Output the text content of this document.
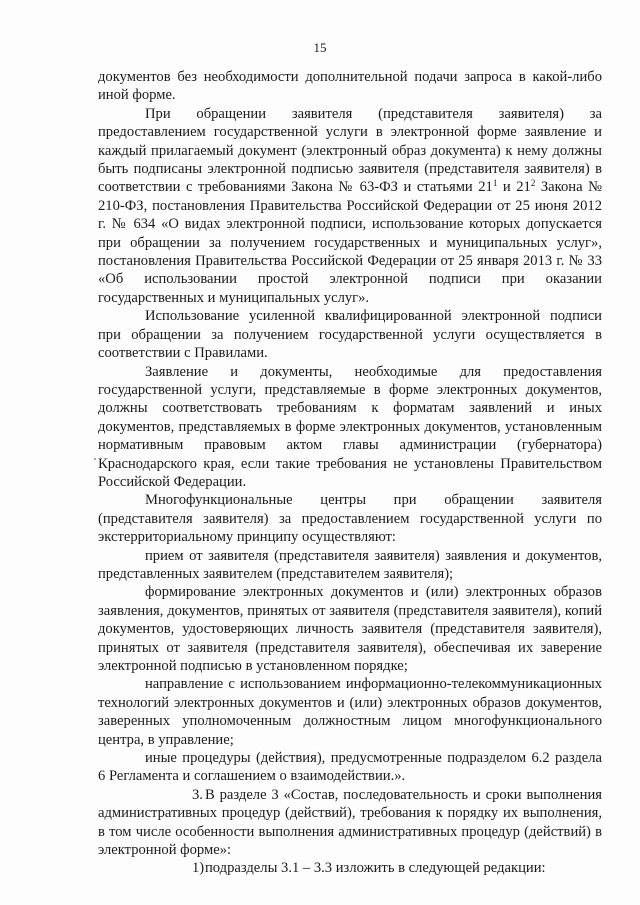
15

документов без необходимости дополнительной подачи запроса в какой-либо иной форме.

При обращении заявителя (представителя заявителя) за предоставлением государственной услуги в электронной форме заявление и каждый прилагаемый документ (электронный образ документа) к нему должны быть подписаны электронной подписью заявителя (представителя заявителя) в соответствии с требованиями Закона № 63-ФЗ и статьями $21^1$ и $21^2$ Закона № 210-ФЗ, постановления Правительства Российской Федерации от 25 июня 2012 г. № 634 «О видах электронной подписи, использование которых допускается при обращении за получением государственных и муниципальных услуг», постановления Правительства Российской Федерации от 25 января 2013 г. № 33 «Об использовании простой электронной подписи при оказании государственных и муниципальных услуг».

Использование усиленной квалифицированной электронной подписи при обращении за получением государственной услуги осуществляется в соответствии с Правилами.

Заявление и документы, необходимые для предоставления государственной услуги, представляемые в форме электронных документов, должны соответствовать требованиям к форматам заявлений и иных документов, представляемых в форме электронных документов, установленным нормативным правовым актом главы администрации (губернатора) Краснодарского края, если такие требования не установлены Правительством Российской Федерации.

Многофункциональные центры при обращении заявителя (представителя заявителя) за предоставлением государственной услуги по экстерриториальному принципу осуществляют:

прием от заявителя (представителя заявителя) заявления и документов, представленных заявителем (представителем заявителя);

формирование электронных документов и (или) электронных образов заявления, документов, принятых от заявителя (представителя заявителя), копий документов, удостоверяющих личность заявителя (представителя заявителя), принятых от заявителя (представителя заявителя), обеспечивая их заверение электронной подписью в установленном порядке;

направление с использованием информационно-телекоммуникационных технологий электронных документов и (или) электронных образов документов, заверенных уполномоченным должностным лицом многофункционального центра, в управление;

иные процедуры (действия), предусмотренные подразделом 6.2 раздела 6 Регламента и соглашением о взаимодействии.».

3. В разделе 3 «Состав, последовательность и сроки выполнения административных процедур (действий), требования к порядку их выполнения, в том числе особенности выполнения административных процедур (действий) в электронной форме»:

1)подразделы 3.1 – 3.3 изложить в следующей редакции:
